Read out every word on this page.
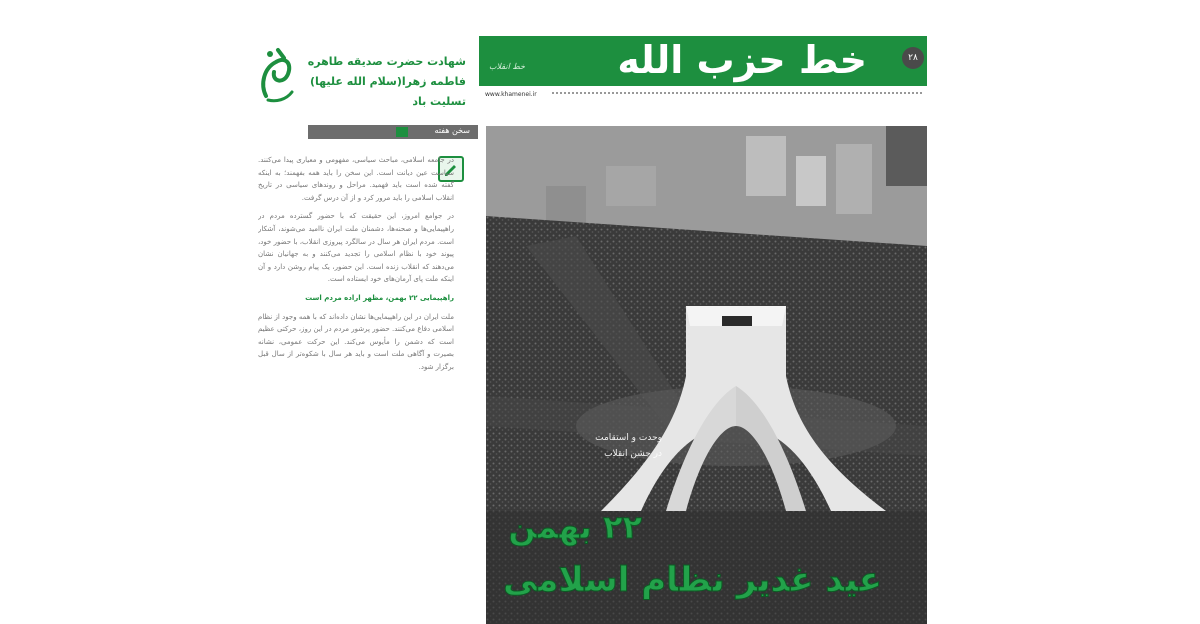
خط حزب الله
خط انقلاب
۲۸
www.khamenei.ir
شهادت حضرت صدیقه طاهره
فاطمه زهرا(سلام الله علیها) تسلیت باد
سخن هفته

در جامعه اسلامی، مباحث سیاسی، مفهومی و معیاری پیدا می‌کنند. سیاست عین دیانت است. این سخن را باید همه بفهمند؛ به اینکه گفته شده است باید فهمید. مراحل و روندهای سیاسی در تاریخ انقلاب اسلامی را باید مرور کرد و از آن درس گرفت.

در جوامع امروز، این حقیقت که با حضور گسترده مردم در راهپیمایی‌ها و صحنه‌ها، دشمنان ملت ایران ناامید می‌شوند، آشکار است. مردم ایران هر سال در سالگرد پیروزی انقلاب، با حضور خود، پیوند خود با نظام اسلامی را تجدید می‌کنند و به جهانیان نشان می‌دهند که انقلاب زنده است. این حضور، یک پیام روشن دارد و آن اینکه ملت پای آرمان‌های خود ایستاده است.

راهپیمایی ۲۲ بهمن، مظهر اراده مردم است

ملت ایران در این راهپیمایی‌ها نشان داده‌اند که با همه وجود از نظام اسلامی دفاع می‌کنند. حضور پرشور مردم در این روز، حرکتی عظیم است که دشمن را مأیوس می‌کند. این حرکت عمومی، نشانه بصیرت و آگاهی ملت است و باید هر سال با شکوه‌تر از سال قبل برگزار شود.

وحدت و استقامت
در جشن انقلاب
۲۲ بهمن
عید غدیر نظام اسلامی
